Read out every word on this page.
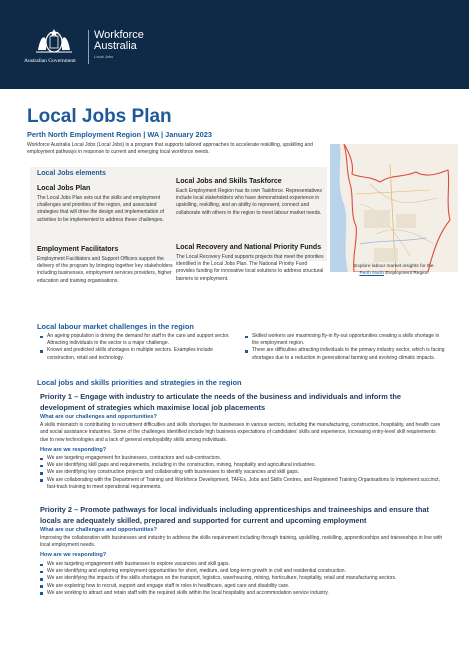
Australian Government
Workforce
Australia
Local Jobs
Local Jobs Plan
Perth North Employment Region | WA | January 2023
Workforce Australia Local Jobs (Local Jobs) is a program that supports tailored approaches to accelerate reskilling, upskilling and employment pathways in response to current and emerging local workforce needs.
Local Jobs elements
Local Jobs Plan
The Local Jobs Plan sets out the skills and employment challenges and priorities of the region, and associated strategies that will drive the design and implementation of activities to be implemented to address these challenges.
Employment Facilitators
Employment Facilitators and Support Officers support the delivery of the program by bringing together key stakeholders including businesses, employment services providers, higher education and training organisations.
Local Jobs and Skills Taskforce
Each Employment Region has its own Taskforce. Representatives include local stakeholders who have demonstrated experience in upskilling, reskilling, and an ability to represent, connect and collaborate with others in the region to meet labour market needs.
Local Recovery and National Priority Funds
The Local Recovery Fund supports projects that meet the priorities identified in the Local Jobs Plan. The National Priority Fund provides funding for innovative local solutions to address structural barriers to employment.
Explore labour market insights for the
Perth North Employment Region
Local labour market challenges in the region
An ageing population is driving the demand for staff in the care and support sector. Attracting individuals to the sector is a major challenge.
Known and predicted skills shortages in multiple sectors. Examples include construction, retail and technology.
Skilled workers are maximising fly-in fly-out opportunities creating a skills shortage in the employment region.
There are difficulties attracting individuals to the primary industry sector, which is facing shortages due to a reduction in generational farming and evolving climatic impacts.
Local jobs and skills priorities and strategies in the region
Priority 1 – Engage with industry to articulate the needs of the business and individuals and inform the development of strategies which maximise local job placements
What are our challenges and opportunities?
A skills mismatch is contributing to recruitment difficulties and skills shortages for businesses in various sectors, including the manufacturing, construction, hospitality, and health care and social assistance industries. Some of the challenges identified include high business expectations of candidates' skills and experience, increasing entry-level skill requirements due to new technologies and a lack of general employability skills among individuals.
How are we responding?
We are targeting engagement for businesses, contractors and sub-contractors.
We are identifying skill gaps and requirements, including in the construction, mining, hospitality and agricultural industries.
We are identifying key construction projects and collaborating with businesses to identify vacancies and skill gaps.
We are collaborating with the Department of Training and Workforce Development, TAFEs, Jobs and Skills Centres, and Registered Training Organisations to implement succinct, fast-track training to meet operational requirements.
Priority 2 – Promote pathways for local individuals including apprenticeships and traineeships and ensure that locals are adequately skilled, prepared and supported for current and upcoming employment
What are our challenges and opportunities?
Improving the collaboration with businesses and industry to address the skills requirement including through training, upskilling, reskilling, apprenticeships and traineeships in line with local employment needs.
How are we responding?
We are targeting engagement with businesses to explore vacancies and skill gaps.
We are identifying and exploring employment opportunities for short, medium, and long-term growth in civil and residential construction.
We are identifying the impacts of the skills shortages on the transport, logistics, warehousing, mining, horticulture, hospitality, retail and manufacturing sectors.
We are exploring how to recruit, support and engage staff in roles in healthcare, aged care and disability care.
We are working to attract and retain staff with the required skills within the local hospitality and accommodation service industry.
